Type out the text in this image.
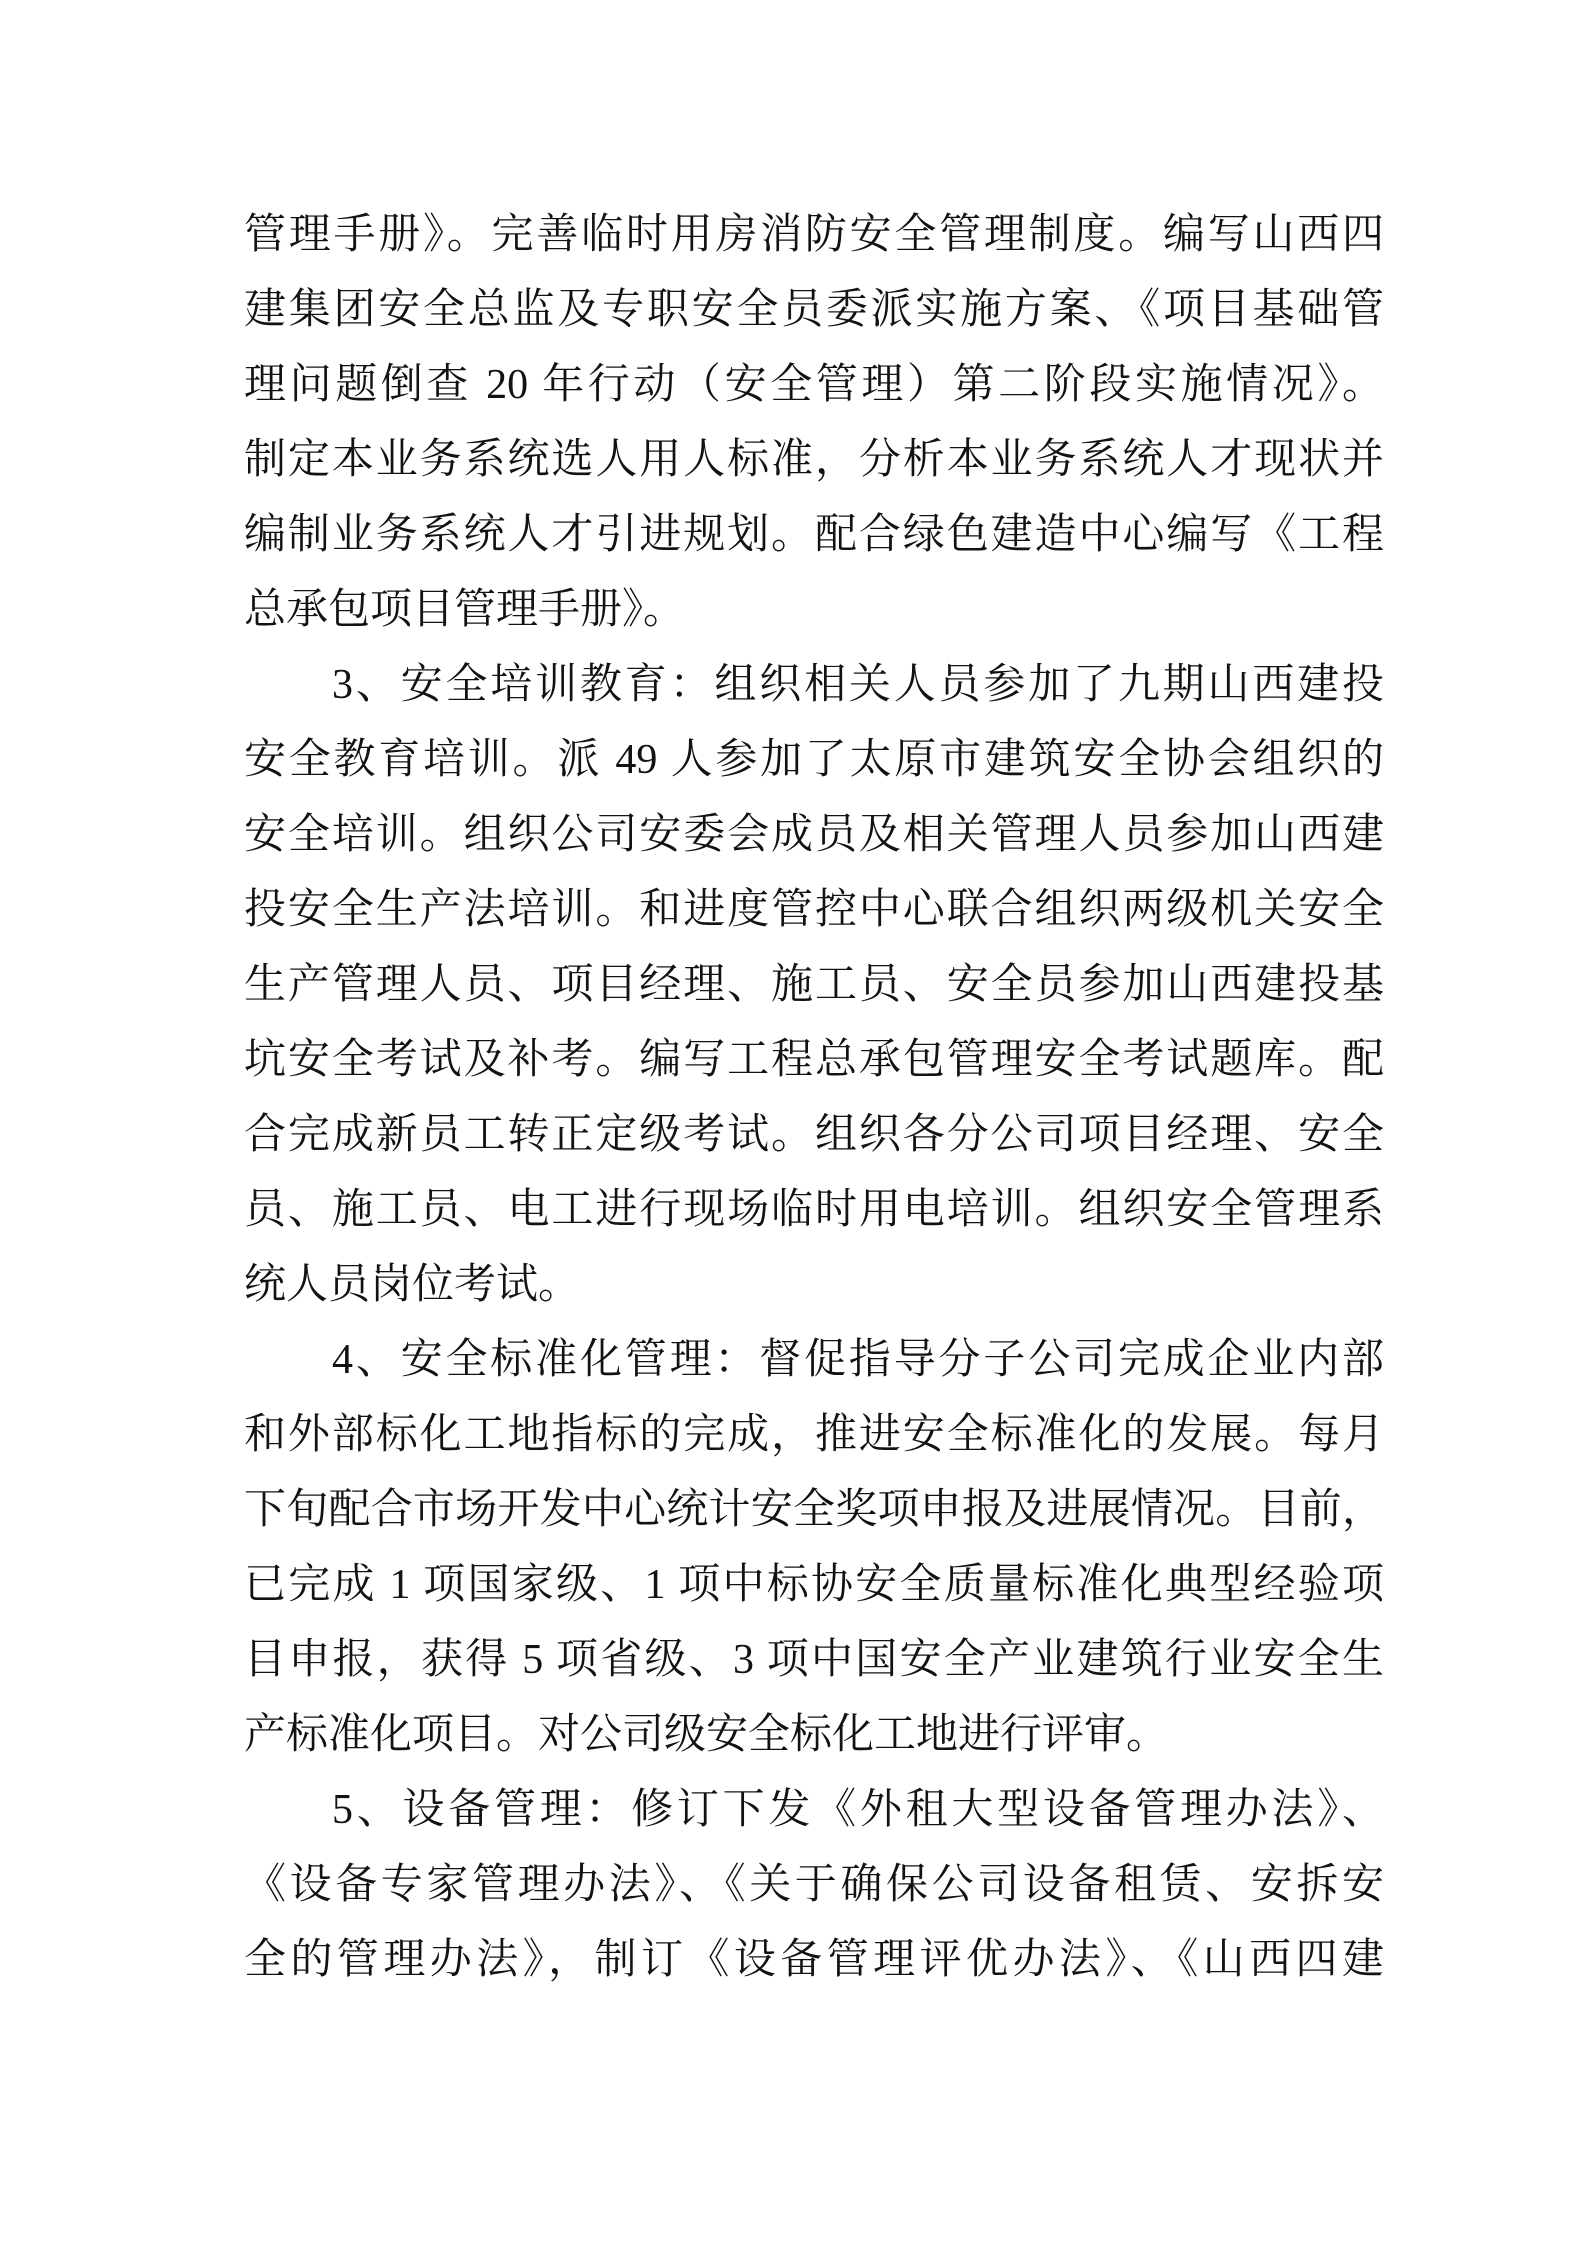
管理手册》。完善临时用房消防安全管理制度。编写山西四
建集团安全总监及专职安全员委派实施方案、《项目基础管
理问题倒查 20 年行动（安全管理）第二阶段实施情况》。
制定本业务系统选人用人标准，分析本业务系统人才现状并
编制业务系统人才引进规划。配合绿色建造中心编写《工程
总承包项目管理手册》。
3、安全培训教育：组织相关人员参加了九期山西建投
安全教育培训。派 49 人参加了太原市建筑安全协会组织的
安全培训。组织公司安委会成员及相关管理人员参加山西建
投安全生产法培训。和进度管控中心联合组织两级机关安全
生产管理人员、项目经理、施工员、安全员参加山西建投基
坑安全考试及补考。编写工程总承包管理安全考试题库。配
合完成新员工转正定级考试。组织各分公司项目经理、安全
员、施工员、电工进行现场临时用电培训。组织安全管理系
统人员岗位考试。
4、安全标准化管理：督促指导分子公司完成企业内部
和外部标化工地指标的完成，推进安全标准化的发展。每月
下旬配合市场开发中心统计安全奖项申报及进展情况。目前，
已完成 1 项国家级、1 项中标协安全质量标准化典型经验项
目申报，获得 5 项省级、3 项中国安全产业建筑行业安全生
产标准化项目。对公司级安全标化工地进行评审。
5、设备管理：修订下发《外租大型设备管理办法》、
《设备专家管理办法》、《关于确保公司设备租赁、安拆安
全的管理办法》，制订《设备管理评优办法》、《山西四建
